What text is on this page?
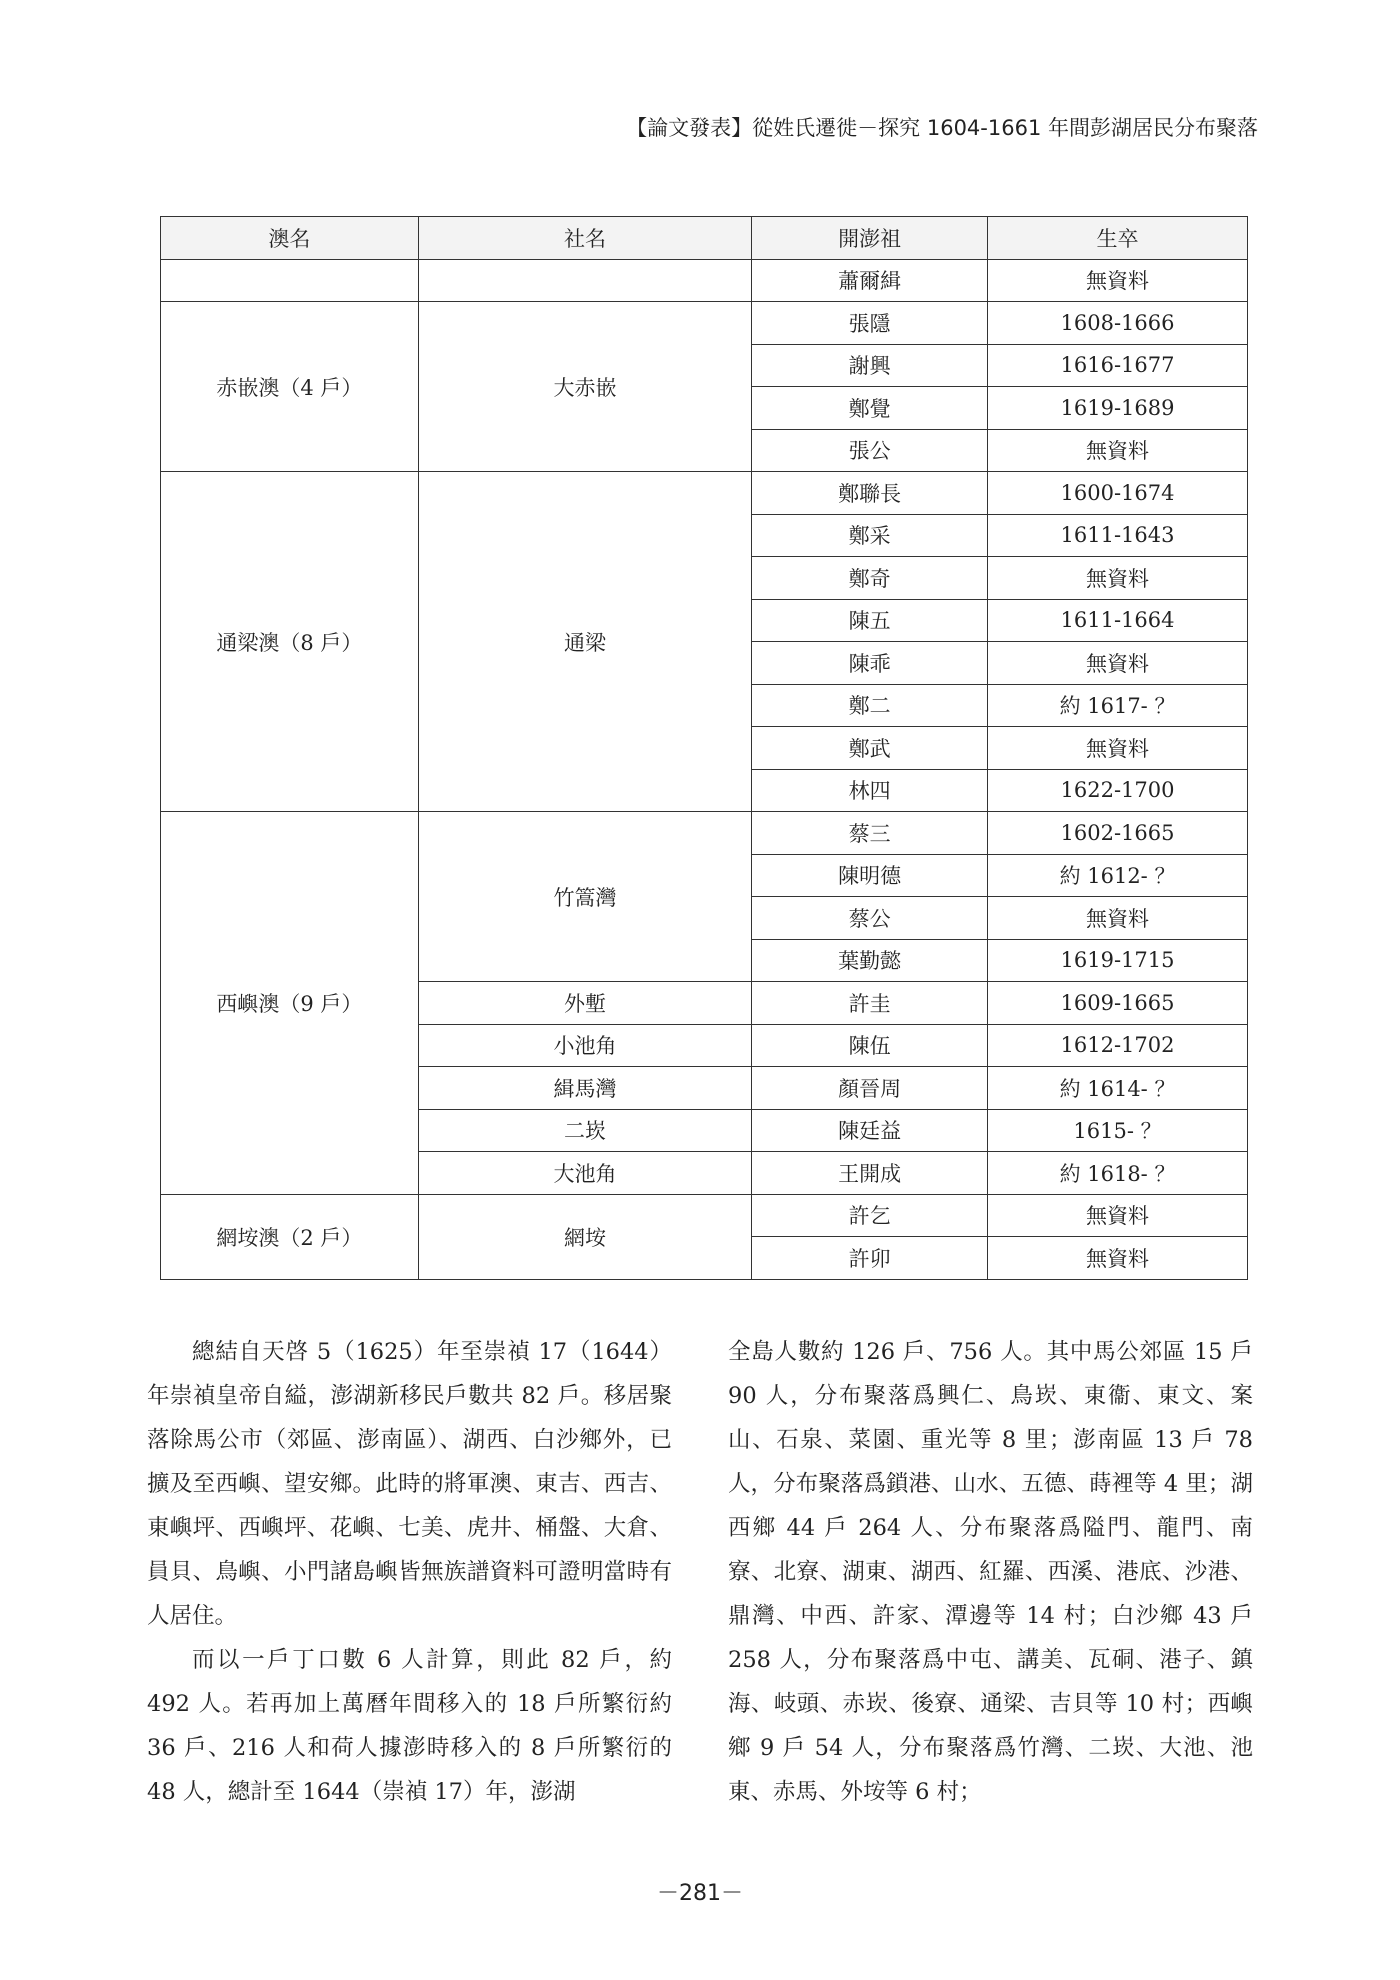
【論文發表】從姓氏遷徙－探究 1604-1661 年間彭湖居民分布聚落
澳名	社名	開澎祖	生卒
		蕭爾緝	無資料
赤嵌澳（4 戶）	大赤嵌	張隱	1608-1666
		謝興	1616-1677
		鄭覺	1619-1689
		張公	無資料
通梁澳（8 戶）	通梁	鄭聯長	1600-1674
		鄭采	1611-1643
		鄭奇	無資料
		陳五	1611-1664
		陳乖	無資料
		鄭二	約 1617- ？
		鄭武	無資料
		林四	1622-1700
西嶼澳（9 戶）	竹篙灣	蔡三	1602-1665
		陳明德	約 1612- ？
		蔡公	無資料
		葉勤懿	1619-1715
	外塹	許圭	1609-1665
	小池角	陳伍	1612-1702
	緝馬灣	顏晉周	約 1614- ？
	二崁	陳廷益	1615- ？
	大池角	王開成	約 1618- ？
網垵澳（2 戶）	網垵	許乞	無資料
		許卯	無資料

總結自天啓 5（1625）年至崇禎 17（1644）年崇禎皇帝自縊，澎湖新移民戶數共 82 戶。移居聚落除馬公市（郊區、澎南區）、湖西、白沙鄉外，已擴及至西嶼、望安鄉。此時的將軍澳、東吉、西吉、東嶼坪、西嶼坪、花嶼、七美、虎井、桶盤、大倉、員貝、鳥嶼、小門諸島嶼皆無族譜資料可證明當時有人居住。

而以一戶丁口數 6 人計算，則此 82 戶，約 492 人。若再加上萬曆年間移入的 18 戶所繁衍約 36 戶、216 人和荷人據澎時移入的 8 戶所繁衍的 48 人，總計至 1644（崇禎 17）年，澎湖

全島人數約 126 戶、756 人。其中馬公郊區 15 戶 90 人，分布聚落爲興仁、鳥崁、東衞、東文、案山、石泉、菜園、重光等 8 里；澎南區 13 戶 78 人，分布聚落爲鎖港、山水、五德、蒔裡等 4 里；湖西鄉 44 戶 264 人、分布聚落爲隘門、龍門、南寮、北寮、湖東、湖西、紅羅、西溪、港底、沙港、鼎灣、中西、許家、潭邊等 14 村；白沙鄉 43 戶 258 人，分布聚落爲中屯、講美、瓦硐、港子、鎮海、岐頭、赤崁、後寮、通梁、吉貝等 10 村；西嶼鄉 9 戶 54 人，分布聚落爲竹灣、二崁、大池、池東、赤馬、外垵等 6 村；

－281－
